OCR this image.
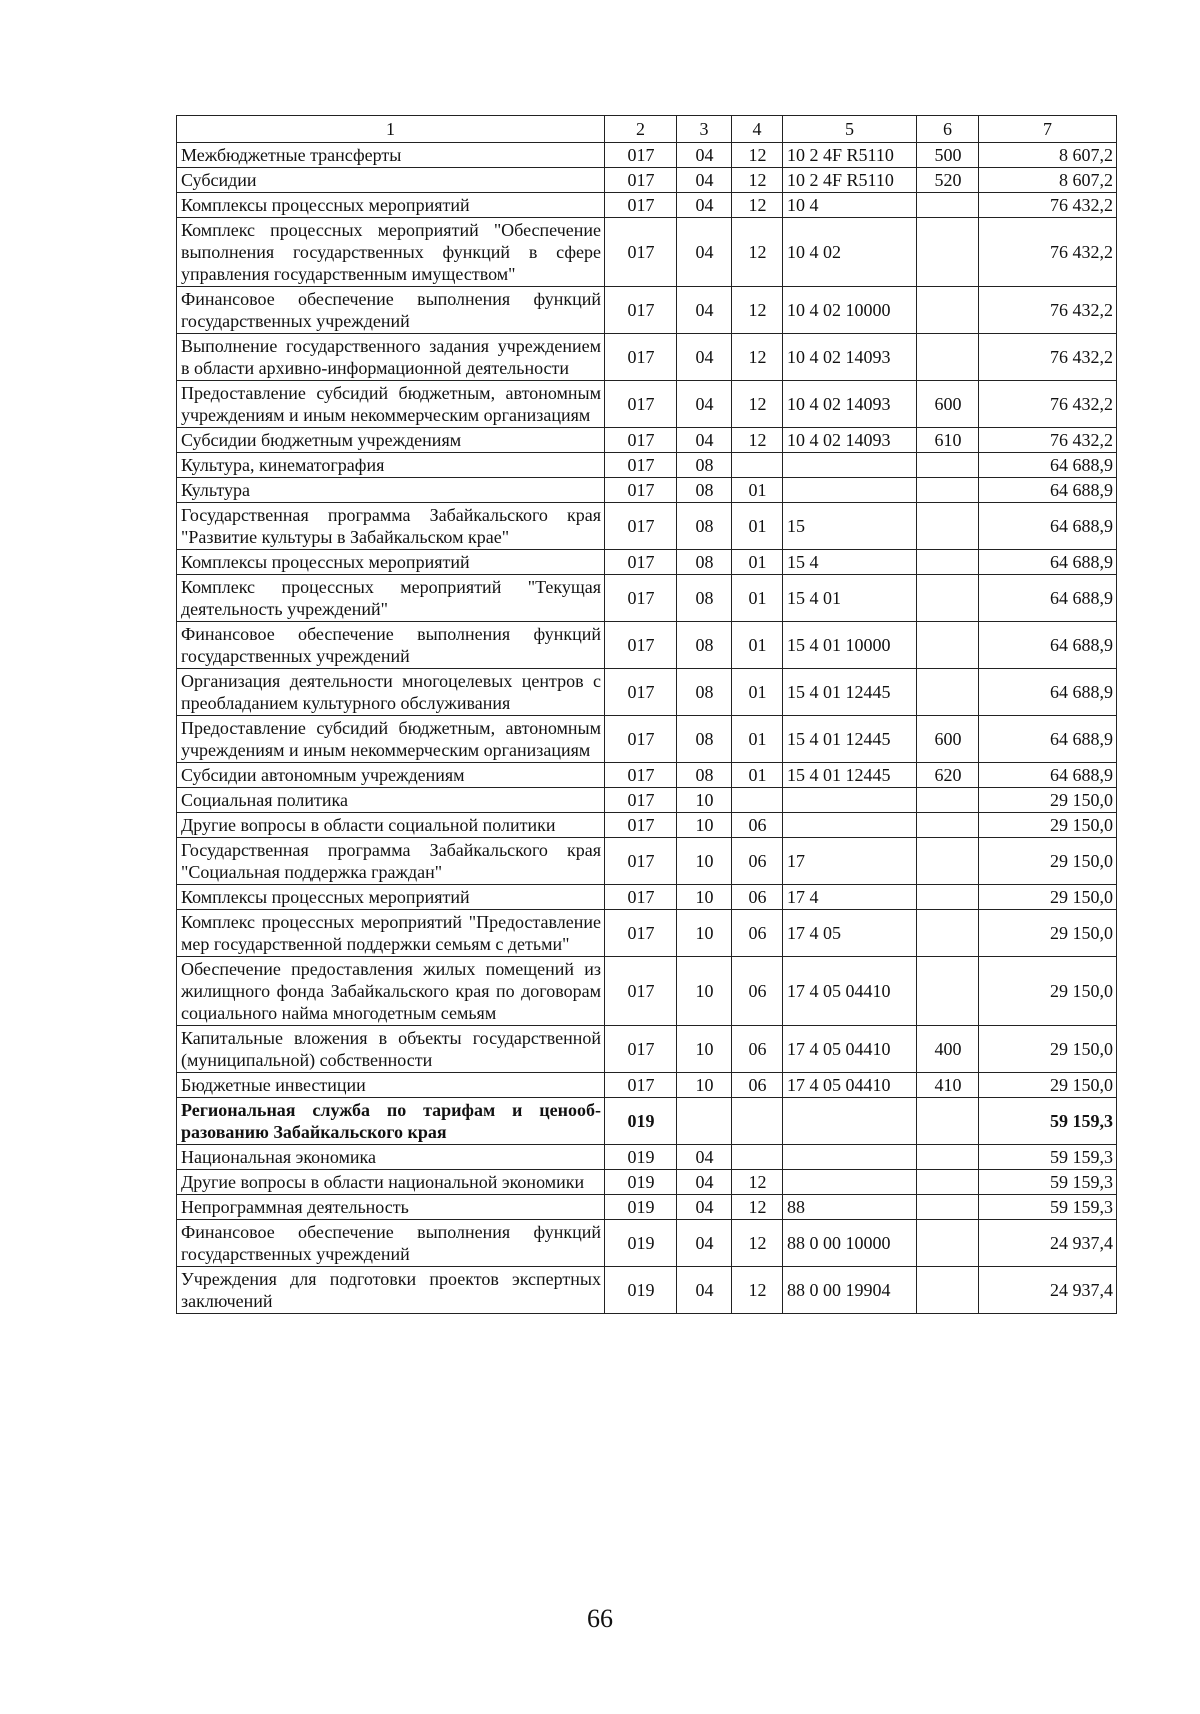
1	2	3	4	5	6	7
Межбюджетные трансферты	017	04	12	10 2 4F R5110	500	8 607,2
Субсидии	017	04	12	10 2 4F R5110	520	8 607,2
Комплексы процессных мероприятий	017	04	12	10 4		76 432,2
Комплекс процессных мероприятий "Обеспечение выполнения государственных функций в сфере управления государственным имуществом"	017	04	12	10 4 02		76 432,2
Финансовое обеспечение выполнения функций государственных учреждений	017	04	12	10 4 02 10000		76 432,2
Выполнение государственного задания учреждением в области архивно-информационной деятельности	017	04	12	10 4 02 14093		76 432,2
Предоставление субсидий бюджетным, автономным учреждениям и иным некоммерческим организациям	017	04	12	10 4 02 14093	600	76 432,2
Субсидии бюджетным учреждениям	017	04	12	10 4 02 14093	610	76 432,2
Культура, кинематография	017	08				64 688,9
Культура	017	08	01			64 688,9
Государственная программа Забайкальского края "Развитие культуры в Забайкальском крае"	017	08	01	15		64 688,9
Комплексы процессных мероприятий	017	08	01	15 4		64 688,9
Комплекс процессных мероприятий "Текущая деятельность учреждений"	017	08	01	15 4 01		64 688,9
Финансовое обеспечение выполнения функций государственных учреждений	017	08	01	15 4 01 10000		64 688,9
Организация деятельности многоцелевых центров с преобладанием культурного обслуживания	017	08	01	15 4 01 12445		64 688,9
Предоставление субсидий бюджетным, автономным учреждениям и иным некоммерческим организациям	017	08	01	15 4 01 12445	600	64 688,9
Субсидии автономным учреждениям	017	08	01	15 4 01 12445	620	64 688,9
Социальная политика	017	10				29 150,0
Другие вопросы в области социальной политики	017	10	06			29 150,0
Государственная программа Забайкальского края "Социальная поддержка граждан"	017	10	06	17		29 150,0
Комплексы процессных мероприятий	017	10	06	17 4		29 150,0
Комплекс процессных мероприятий "Предоставление мер государственной поддержки семьям с детьми"	017	10	06	17 4 05		29 150,0
Обеспечение предоставления жилых помещений из жилищного фонда Забайкальского края по договорам социального найма многодетным семьям	017	10	06	17 4 05 04410		29 150,0
Капитальные вложения в объекты государственной (муниципальной) собственности	017	10	06	17 4 05 04410	400	29 150,0
Бюджетные инвестиции	017	10	06	17 4 05 04410	410	29 150,0
Региональная служба по тарифам и ценообразованию Забайкальского края	019					59 159,3
Национальная экономика	019	04				59 159,3
Другие вопросы в области национальной экономики	019	04	12			59 159,3
Непрограммная деятельность	019	04	12	88		59 159,3
Финансовое обеспечение выполнения функций государственных учреждений	019	04	12	88 0 00 10000		24 937,4
Учреждения для подготовки проектов экспертных заключений	019	04	12	88 0 00 19904		24 937,4
66
